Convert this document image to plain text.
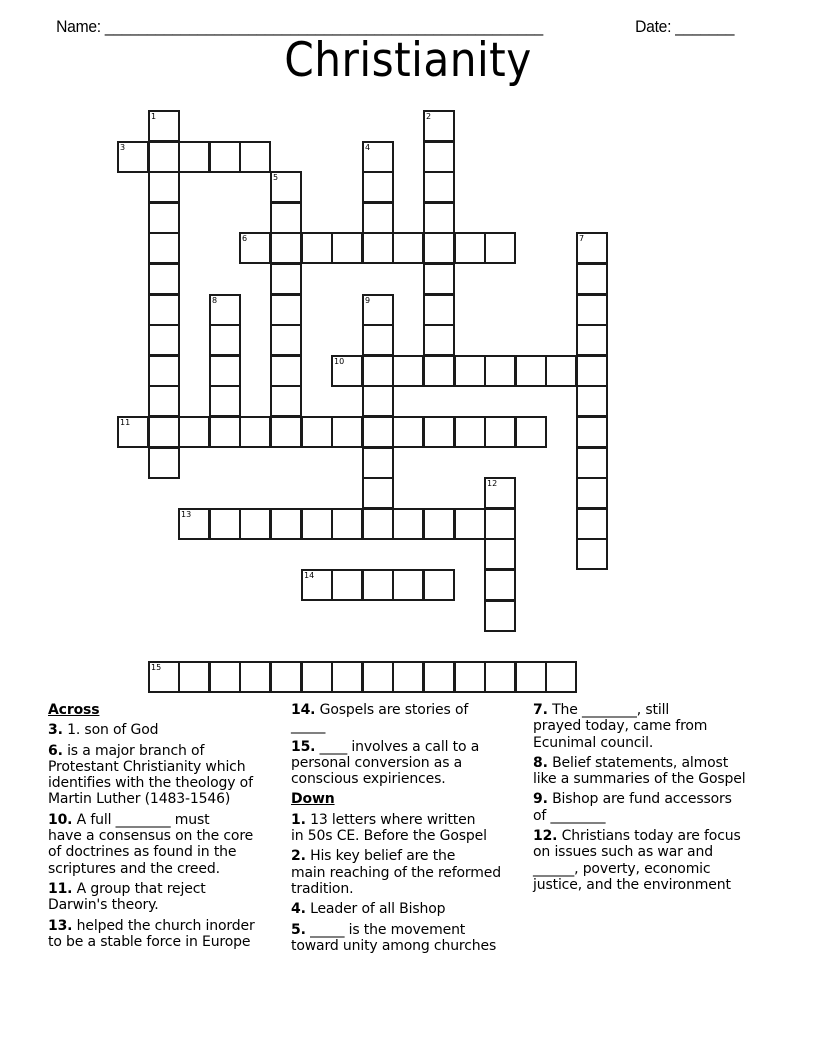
Name: ____________________________________________________	Date: _______

Christianity
1	2
3	4
5
6	7
8	9
10
11
12
13
14
15
Across
3. 1. son of God
6. is a major branch of
Protestant Christianity which
identifies with the theology of
Martin Luther (1483-1546)
10. A full ________ must
have a consensus on the core
of doctrines as found in the
scriptures and the creed.
11. A group that reject
Darwin's theory.
13. helped the church inorder
to be a stable force in Europe
14. Gospels are stories of
_____
15. ____ involves a call to a
personal conversion as a
conscious expiriences.
Down
1. 13 letters where written
in 50s CE. Before the Gospel
2. His key belief are the
main reaching of the reformed
tradition.
4. Leader of all Bishop
5. _____ is the movement
toward unity among churches
7. The ________, still
prayed today, came from
Ecunimal council.
8. Belief statements, almost
like a summaries of the Gospel
9. Bishop are fund accessors
of ________
12. Christians today are focus
on issues such as war and
______, poverty, economic
justice, and the environment
